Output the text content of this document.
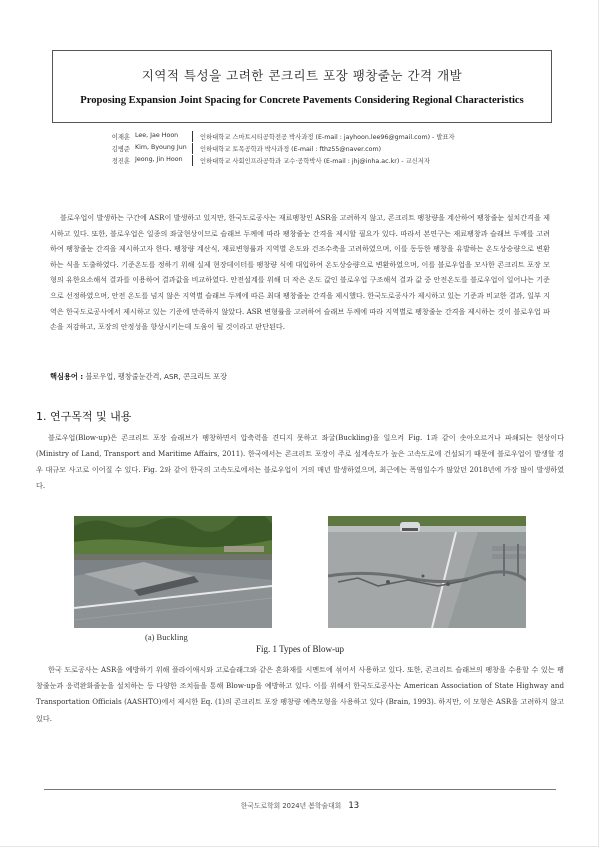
지역적 특성을 고려한 콘크리트 포장 팽창줄눈 간격 개발
Proposing Expansion Joint Spacing for Concrete Pavements Considering Regional Characteristics
이재훈 Lee, Jae Hoon	인하대학교 스마트시티공학전공 박사과정 (E-mail : jayhoon.lee96@gmail.com) - 발표자
김병준 Kim, Byoung Jun 인하대학교 토목공학과 박사과정 (E-mail : fthz55@naver.com)
정진훈 Jeong, Jin Hoon	인하대학교 사회인프라공학과 교수·공학박사 (E-mail : jhj@inha.ac.kr) - 교신저자
블로우업이 발생하는 구간에 ASR이 발생하고 있지만, 한국도로공사는 재료팽창인 ASR을 고려하지 않고, 콘크리트 팽창량을 계산하여 팽창줄눈 설치간격을 제시하고 있다. 또한, 블로우업은 일종의 좌굴현상이므로 슬래브 두께에 따라 팽창줄눈 간격을 제시할 필요가 있다. 따라서 본연구는 재료팽창과 슬래브 두께를 고려하여 팽창줄눈 간격을 제시하고자 한다. 팽창량 계산식, 재료변형률과 지역별 온도와 건조수축을 고려하였으며, 이를 동등한 팽창을 유발하는 온도상승량으로 변환하는 식을 도출하였다. 기준온도를 정하기 위해 실제 현장데이터를 팽창량 식에 대입하여 온도상승량으로 변환하였으며, 이를 블로우업을 모사한 콘크리트 포장 모형의 유한요소해석 결과를 이용하여 결과값을 비교하였다. 안전설계를 위해 더 작은 온도 값인 블로우업 구조해석 결과 값 중 안전온도를 블로우업이 일어나는 기준으로 선정하였으며, 안전 온도를 넘지 않은 지역별 슬래브 두께에 따른 최대 팽창줄눈 간격을 제시했다. 한국도로공사가 제시하고 있는 기준과 비교한 결과, 일부 지역은 한국도로공사에서 제시하고 있는 기준에 만족하지 않았다. ASR 변형률을 고려하여 슬래브 두께에 따라 지역별로 팽창줄눈 간격을 제시하는 것이 블로우업 파손을 저감하고, 포장의 안정성을 향상시키는데 도움이 될 것이라고 판단된다.
핵심용어 : 블로우업, 팽창줄눈간격, ASR, 콘크리트 포장
1. 연구목적 및 내용
블로우업(Blow-up)은 콘크리트 포장 슬래브가 팽창하면서 압축력을 견디지 못하고 좌굴(Buckling)을 일으켜 Fig. 1과 같이 솟아오르거나 파쇄되는 현상이다(Ministry of Land, Transport and Maritime Affairs, 2011). 한국에서는 콘크리트 포장이 주로 설계속도가 높은 고속도로에 건설되기 때문에 블로우업이 발생할 경우 대규모 사고로 이어질 수 있다. Fig. 2와 같이 한국의 고속도로에서는 블로우업이 거의 매년 발생하였으며, 최근에는 폭염일수가 많았던 2018년에 가장 많이 발생하였다.
(a) Buckling
Fig. 1 Types of Blow-up
한국 도로공사는 ASR을 예방하기 위해 플라이애시와 고로슬래그와 같은 혼화재를 시멘트에 섞어서 사용하고 있다. 또한, 콘크리트 슬래브의 팽창을 수용할 수 있는 팽창줄눈과 응력완화줄눈을 설치하는 등 다양한 조치들을 통해 Blow-up을 예방하고 있다. 이를 위해서 한국도로공사는 American Association of State Highway and Transportation Officials (AASHTO)에서 제시한 Eq. (1)의 콘크리트 포장 팽창량 예측모형을 사용하고 있다 (Brain, 1993). 하지만, 이 모형은 ASR을 고려하지 않고 있다.
한국도로학회 2024년 봄학술대회 13
